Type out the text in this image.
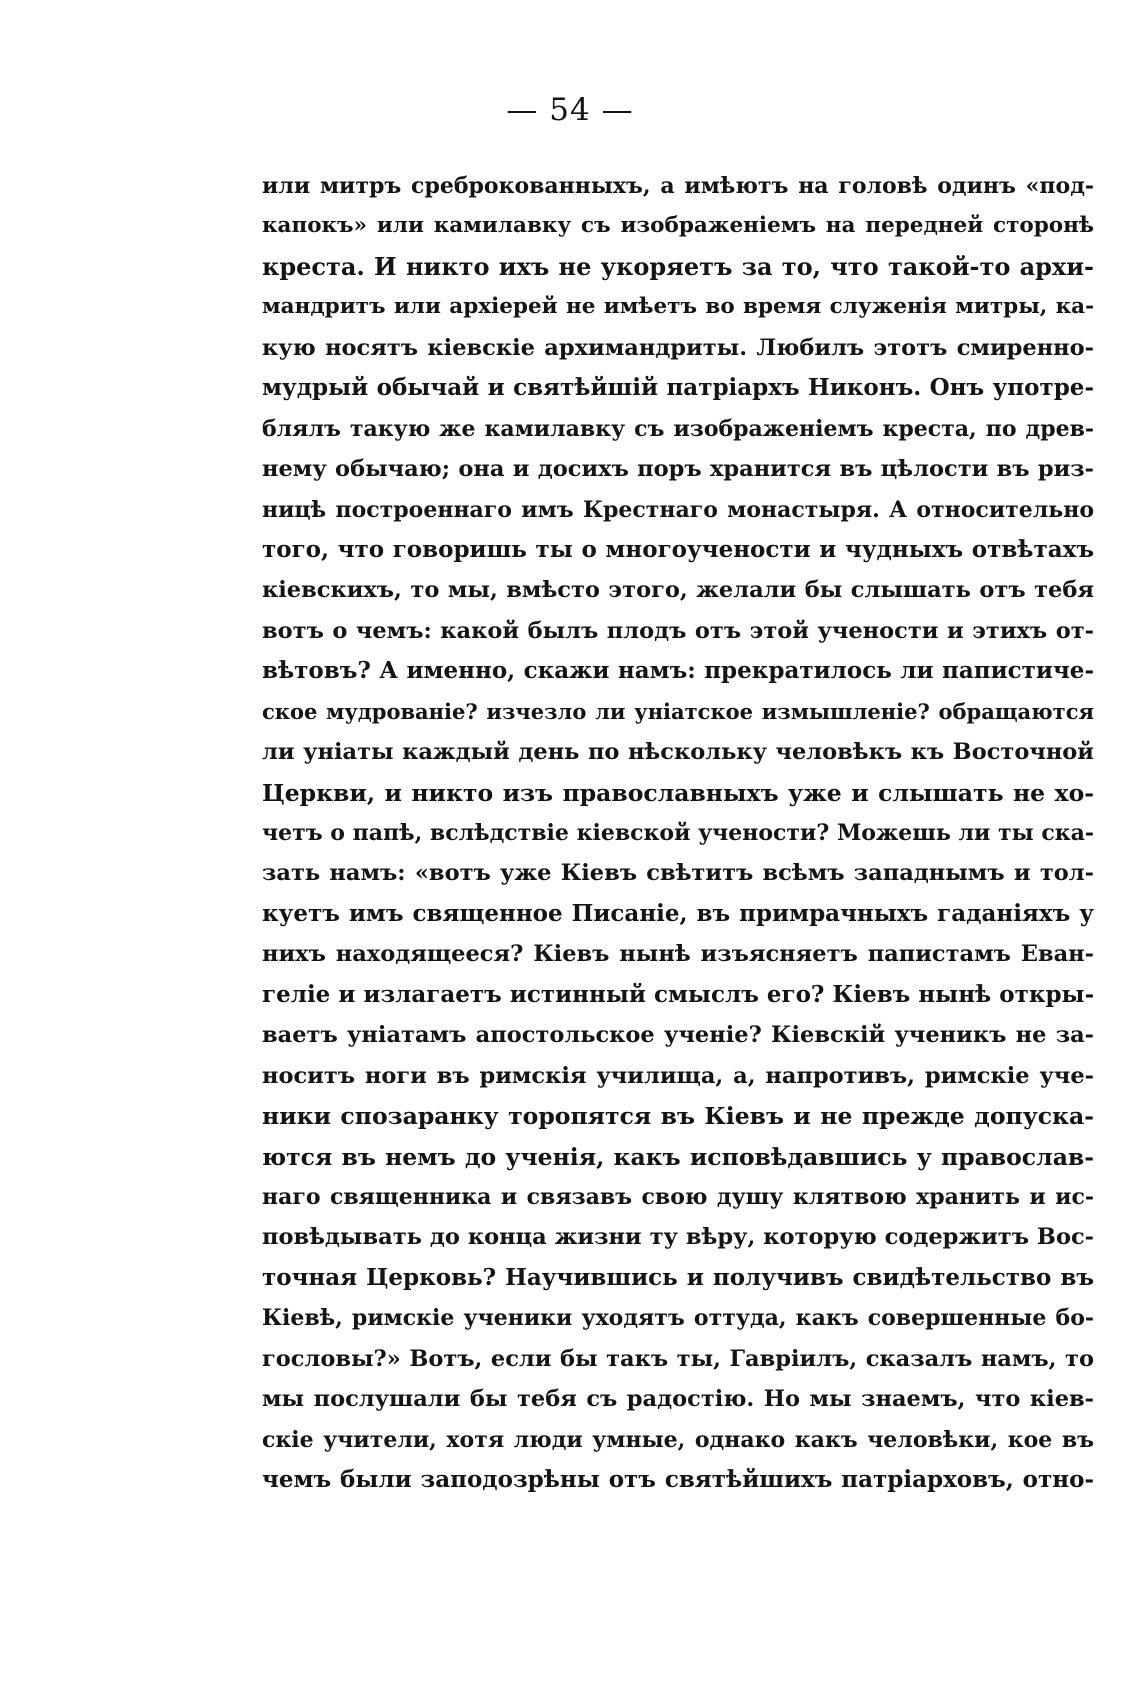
— 54 —
или митръ среброкованныхъ, а имѣютъ на головѣ одинъ «под-
капокъ» или камилавку съ изображеніемъ на передней сторонѣ
креста. И никто ихъ не укоряетъ за то, что такой-то архи-
мандритъ или архіерей не имѣетъ во время служенія митры, ка-
кую носятъ кіевскіе архимандриты. Любилъ этотъ смиренно-
мудрый обычай и святѣйшій патріархъ Никонъ. Онъ употре-
блялъ такую же камилавку съ изображеніемъ креста, по древ-
нему обычаю; она и досихъ поръ хранится въ цѣлости въ риз-
ницѣ построеннаго имъ Крестнаго монастыря. А относительно
того, что говоришь ты о многоучености и чудныхъ отвѣтахъ
кіевскихъ, то мы, вмѣсто этого, желали бы слышать отъ тебя
вотъ о чемъ: какой былъ плодъ отъ этой учености и этихъ от-
вѣтовъ? А именно, скажи намъ: прекратилось ли папистиче-
ское мудрованіе? изчезло ли уніатское измышленіе? обращаются
ли уніаты каждый день по нѣскольку человѣкъ къ Восточной
Церкви, и никто изъ православныхъ уже и слышать не хо-
четъ о папѣ, вслѣдствіе кіевской учености? Можешь ли ты ска-
зать намъ: «вотъ уже Кіевъ свѣтитъ всѣмъ западнымъ и тол-
куетъ имъ священное Писаніе, въ примрачныхъ гаданіяхъ у
нихъ находящееся? Кіевъ нынѣ изъясняетъ папистамъ Еван-
геліе и излагаетъ истинный смыслъ его? Кіевъ нынѣ откры-
ваетъ уніатамъ апостольское ученіе? Кіевскій ученикъ не за-
носитъ ноги въ римскія училища, а, напротивъ, римскіе уче-
ники спозаранку торопятся въ Кіевъ и не прежде допуска-
ются въ немъ до ученія, какъ исповѣдавшись у православ-
наго священника и связавъ свою душу клятвою хранить и ис-
повѣдывать до конца жизни ту вѣру, которую содержитъ Вос-
точная Церковь? Научившись и получивъ свидѣтельство въ
Кіевѣ, римскіе ученики уходятъ оттуда, какъ совершенные бо-
гословы?» Вотъ, если бы такъ ты, Гавріилъ, сказалъ намъ, то
мы послушали бы тебя съ радостію. Но мы знаемъ, что кіев-
скіе учители, хотя люди умные, однако какъ человѣки, кое въ
чемъ были заподозрѣны отъ святѣйшихъ патріарховъ, отно-
